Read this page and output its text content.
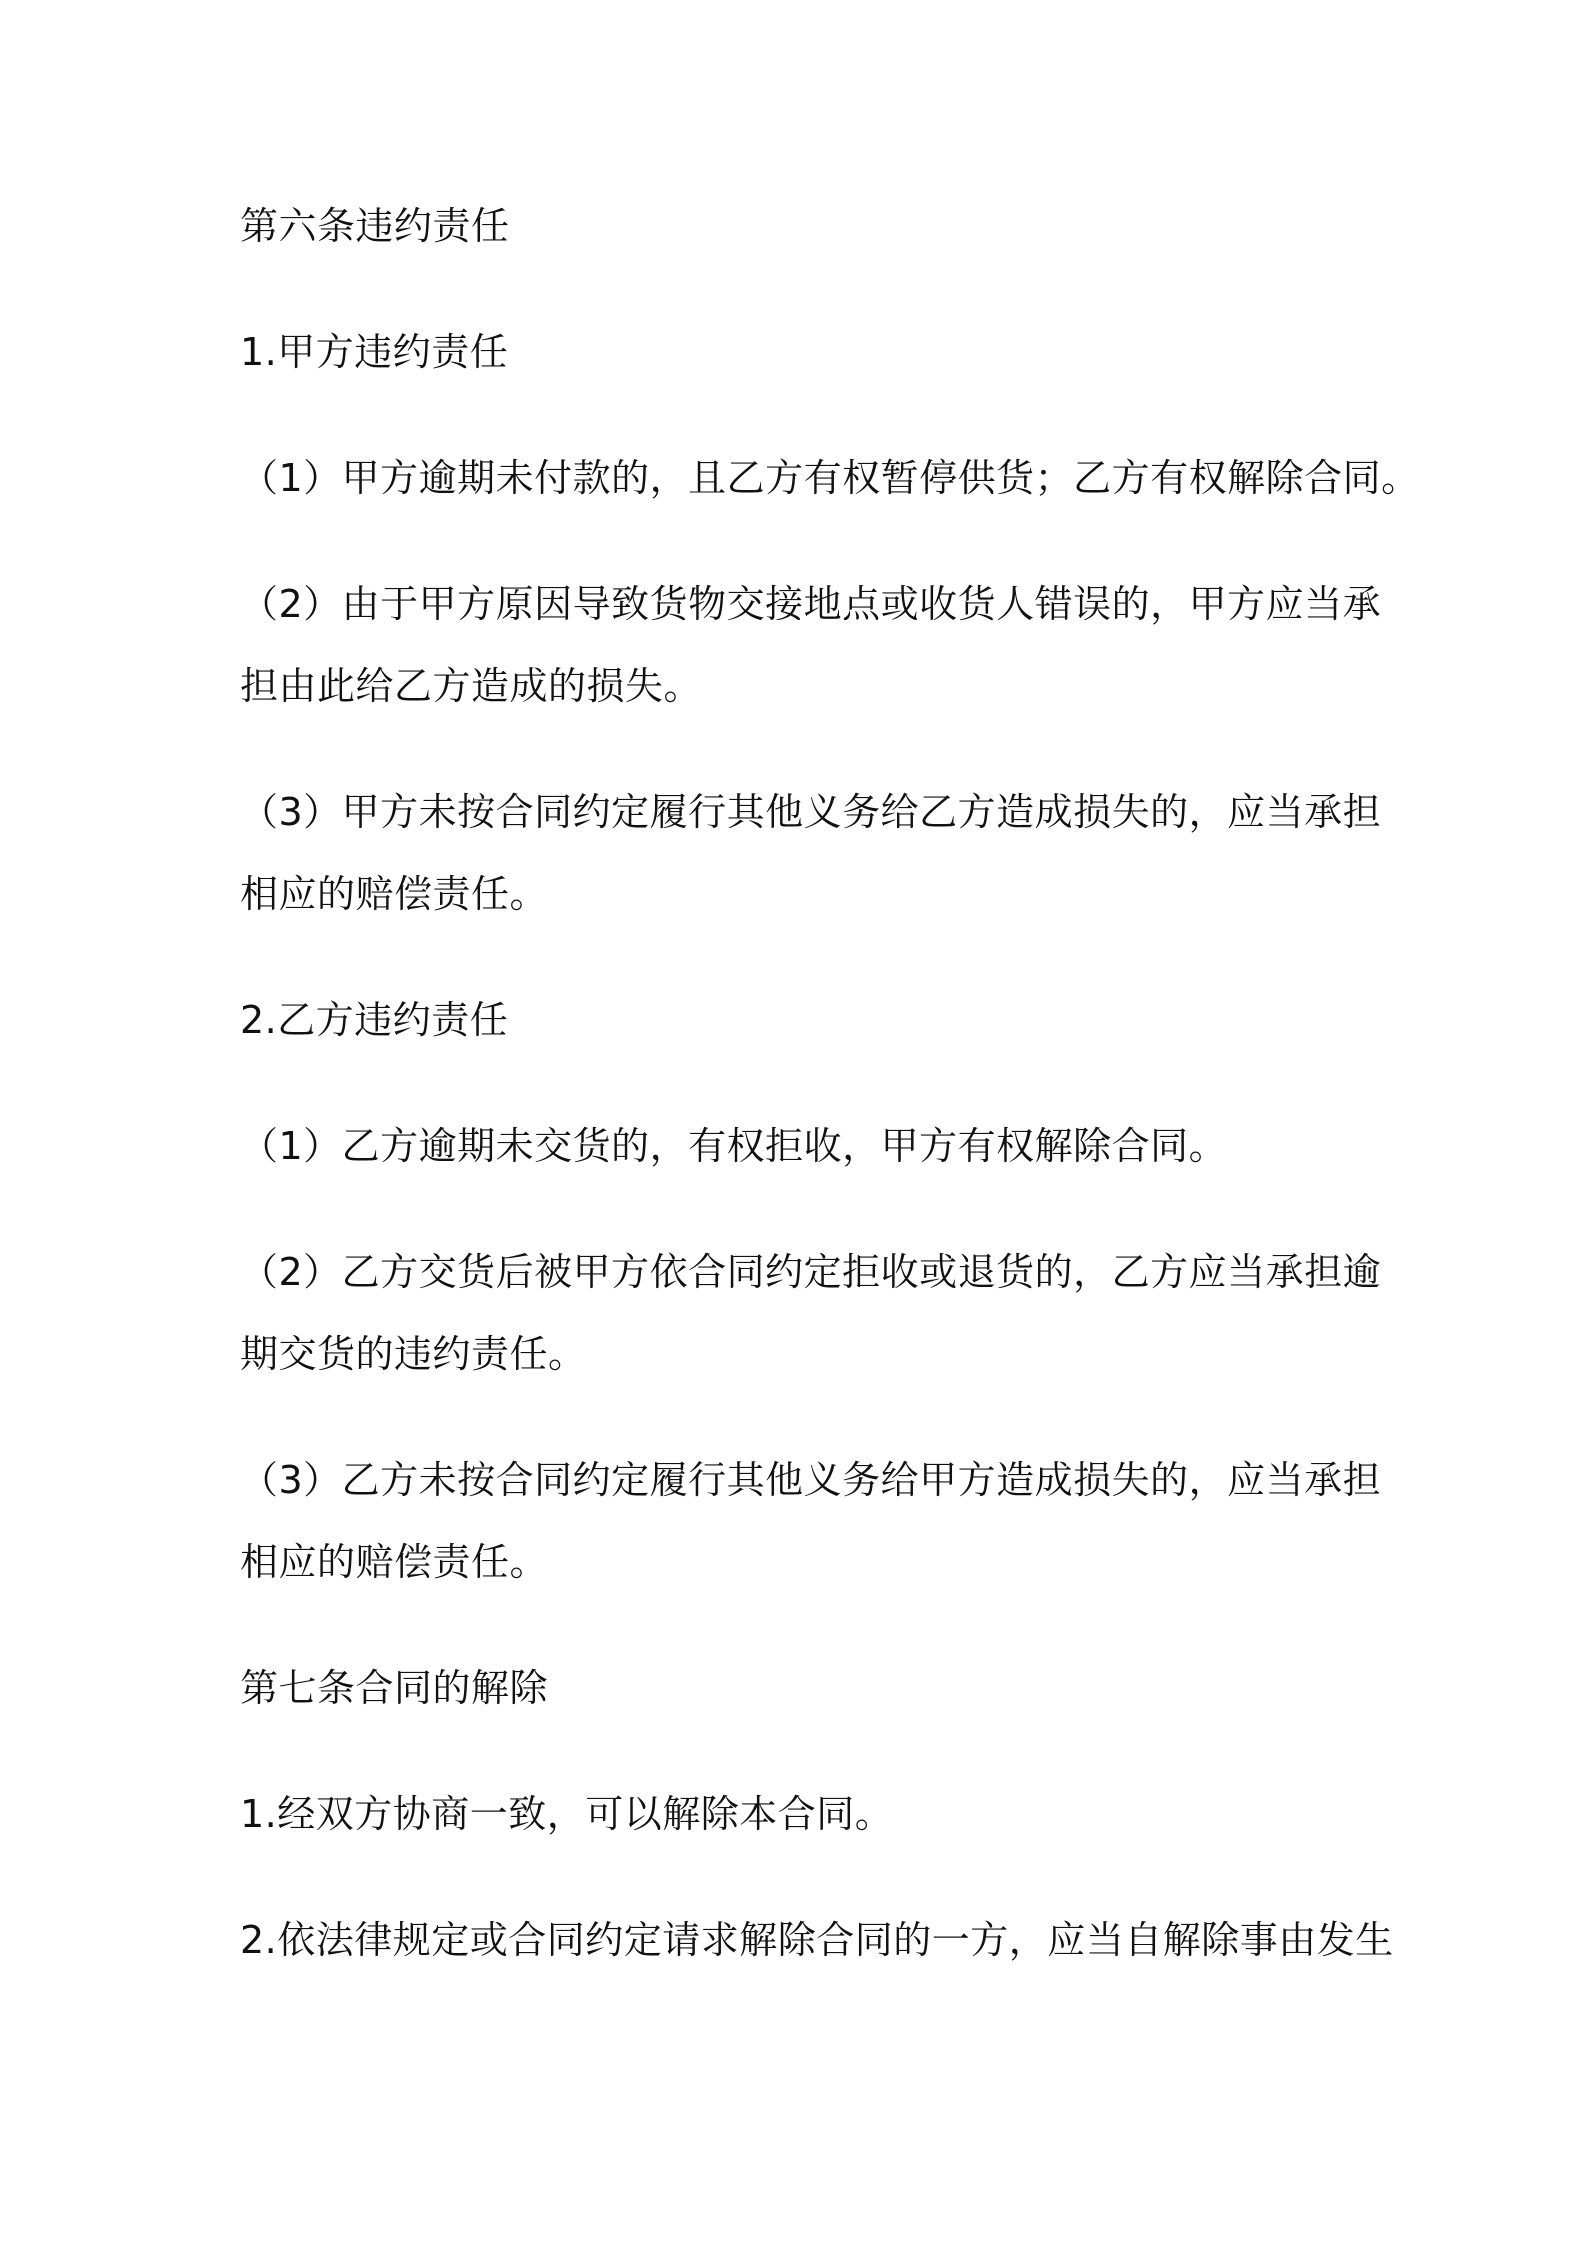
第六条违约责任
1.甲方违约责任
（1）甲方逾期未付款的，且乙方有权暂停供货；乙方有权解除合同。
（2）由于甲方原因导致货物交接地点或收货人错误的，甲方应当承
担由此给乙方造成的损失。
（3）甲方未按合同约定履行其他义务给乙方造成损失的，应当承担
相应的赔偿责任。
2.乙方违约责任
（1）乙方逾期未交货的，有权拒收，甲方有权解除合同。
（2）乙方交货后被甲方依合同约定拒收或退货的，乙方应当承担逾
期交货的违约责任。
（3）乙方未按合同约定履行其他义务给甲方造成损失的，应当承担
相应的赔偿责任。
第七条合同的解除
1.经双方协商一致，可以解除本合同。
2.依法律规定或合同约定请求解除合同的一方，应当自解除事由发生
